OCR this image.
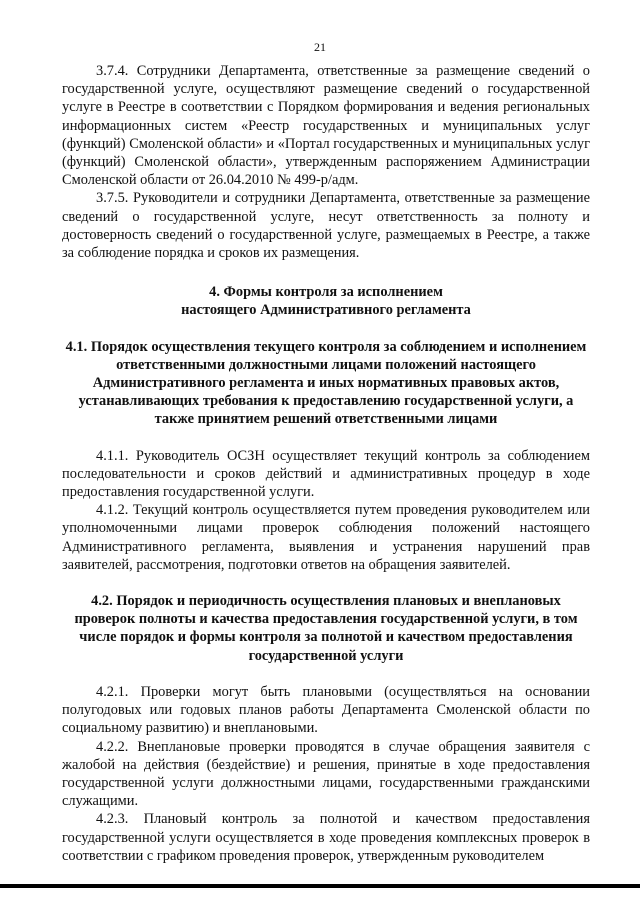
21

3.7.4. Сотрудники Департамента, ответственные за размещение сведений о государственной услуге, осуществляют размещение сведений о государственной услуге в Реестре в соответствии с Порядком формирования и ведения региональных информационных систем «Реестр государственных и муниципальных услуг (функций) Смоленской области» и «Портал государственных и муниципальных услуг (функций) Смоленской области», утвержденным распоряжением Администрации Смоленской области от 26.04.2010 № 499-р/адм.

3.7.5. Руководители и сотрудники Департамента, ответственные за размещение сведений о государственной услуге, несут ответственность за полноту и достоверность сведений о государственной услуге, размещаемых в Реестре, а также за соблюдение порядка и сроков их размещения.

4. Формы контроля за исполнением
настоящего Административного регламента
4.1. Порядок осуществления текущего контроля за соблюдением и исполнением ответственными должностными лицами положений настоящего Административного регламента и иных нормативных правовых актов, устанавливающих требования к предоставлению государственной услуги, а также принятием решений ответственными лицами

4.1.1. Руководитель ОСЗН осуществляет текущий контроль за соблюдением последовательности и сроков действий и административных процедур в ходе предоставления государственной услуги.

4.1.2. Текущий контроль осуществляется путем проведения руководителем или уполномоченными лицами проверок соблюдения положений настоящего Административного регламента, выявления и устранения нарушений прав заявителей, рассмотрения, подготовки ответов на обращения заявителей.

4.2. Порядок и периодичность осуществления плановых и внеплановых проверок полноты и качества предоставления государственной услуги, в том числе порядок и формы контроля за полнотой и качеством предоставления государственной услуги

4.2.1. Проверки могут быть плановыми (осуществляться на основании полугодовых или годовых планов работы Департамента Смоленской области по социальному развитию) и внеплановыми.

4.2.2. Внеплановые проверки проводятся в случае обращения заявителя с жалобой на действия (бездействие) и решения, принятые в ходе предоставления государственной услуги должностными лицами, государственными гражданскими служащими.

4.2.3. Плановый контроль за полнотой и качеством предоставления государственной услуги осуществляется в ходе проведения комплексных проверок в соответствии с графиком проведения проверок, утвержденным руководителем
